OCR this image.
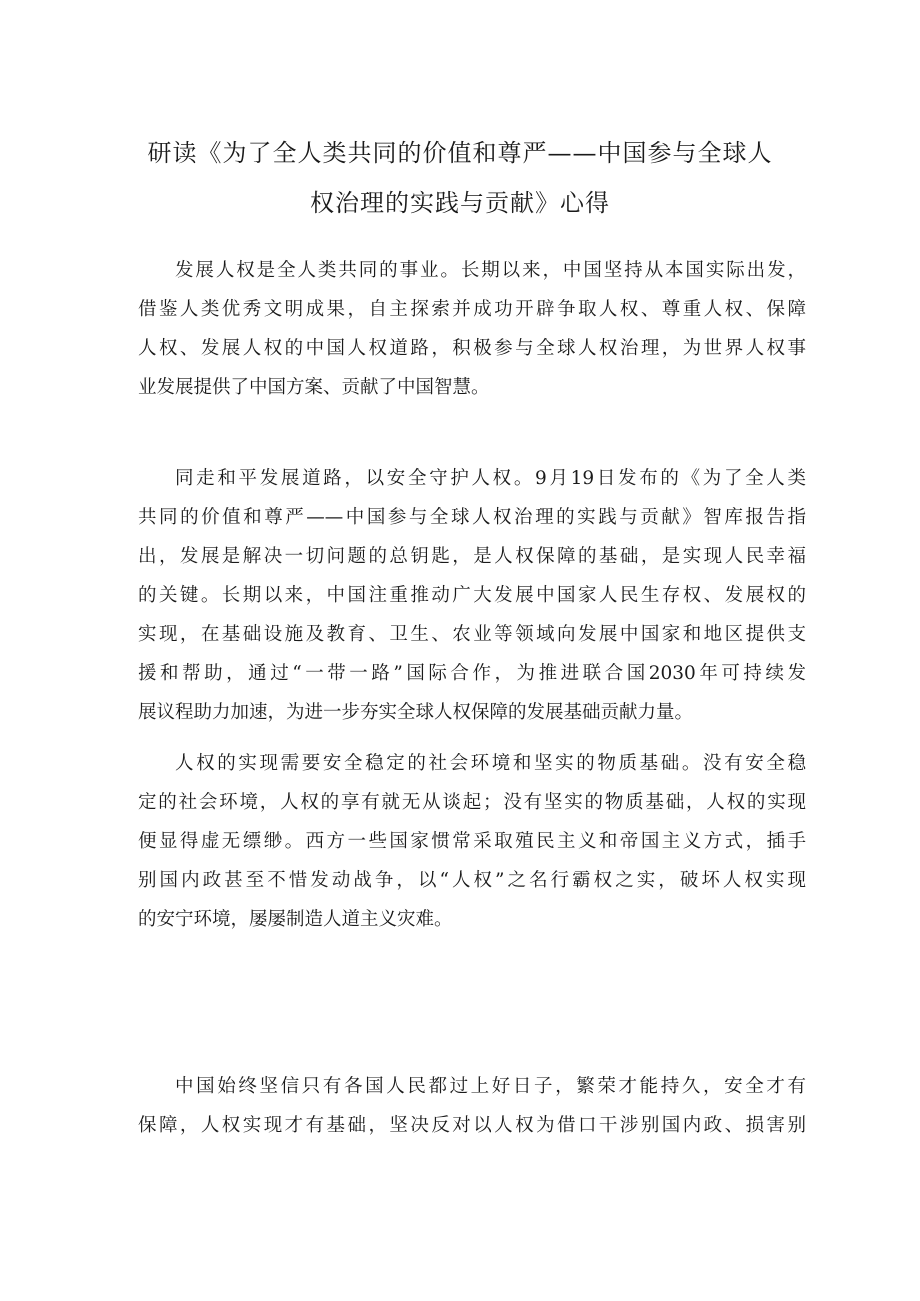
研读《为了全人类共同的价值和尊严——中国参与全球人
权治理的实践与贡献》心得

发展人权是全人类共同的事业。长期以来，中国坚持从本国实际出发，
借鉴人类优秀文明成果，自主探索并成功开辟争取人权、尊重人权、保障
人权、发展人权的中国人权道路，积极参与全球人权治理，为世界人权事
业发展提供了中国方案、贡献了中国智慧。

同走和平发展道路，以安全守护人权。9月19日发布的《为了全人类
共同的价值和尊严——中国参与全球人权治理的实践与贡献》智库报告指
出，发展是解决一切问题的总钥匙，是人权保障的基础，是实现人民幸福
的关键。长期以来，中国注重推动广大发展中国家人民生存权、发展权的
实现，在基础设施及教育、卫生、农业等领域向发展中国家和地区提供支
援和帮助，通过“一带一路”国际合作，为推进联合国2030年可持续发
展议程助力加速，为进一步夯实全球人权保障的发展基础贡献力量。

人权的实现需要安全稳定的社会环境和坚实的物质基础。没有安全稳
定的社会环境，人权的享有就无从谈起；没有坚实的物质基础，人权的实现
便显得虚无缥缈。西方一些国家惯常采取殖民主义和帝国主义方式，插手
别国内政甚至不惜发动战争，以“人权”之名行霸权之实，破坏人权实现
的安宁环境，屡屡制造人道主义灾难。

中国始终坚信只有各国人民都过上好日子，繁荣才能持久，安全才有
保障，人权实现才有基础，坚决反对以人权为借口干涉别国内政、损害别
